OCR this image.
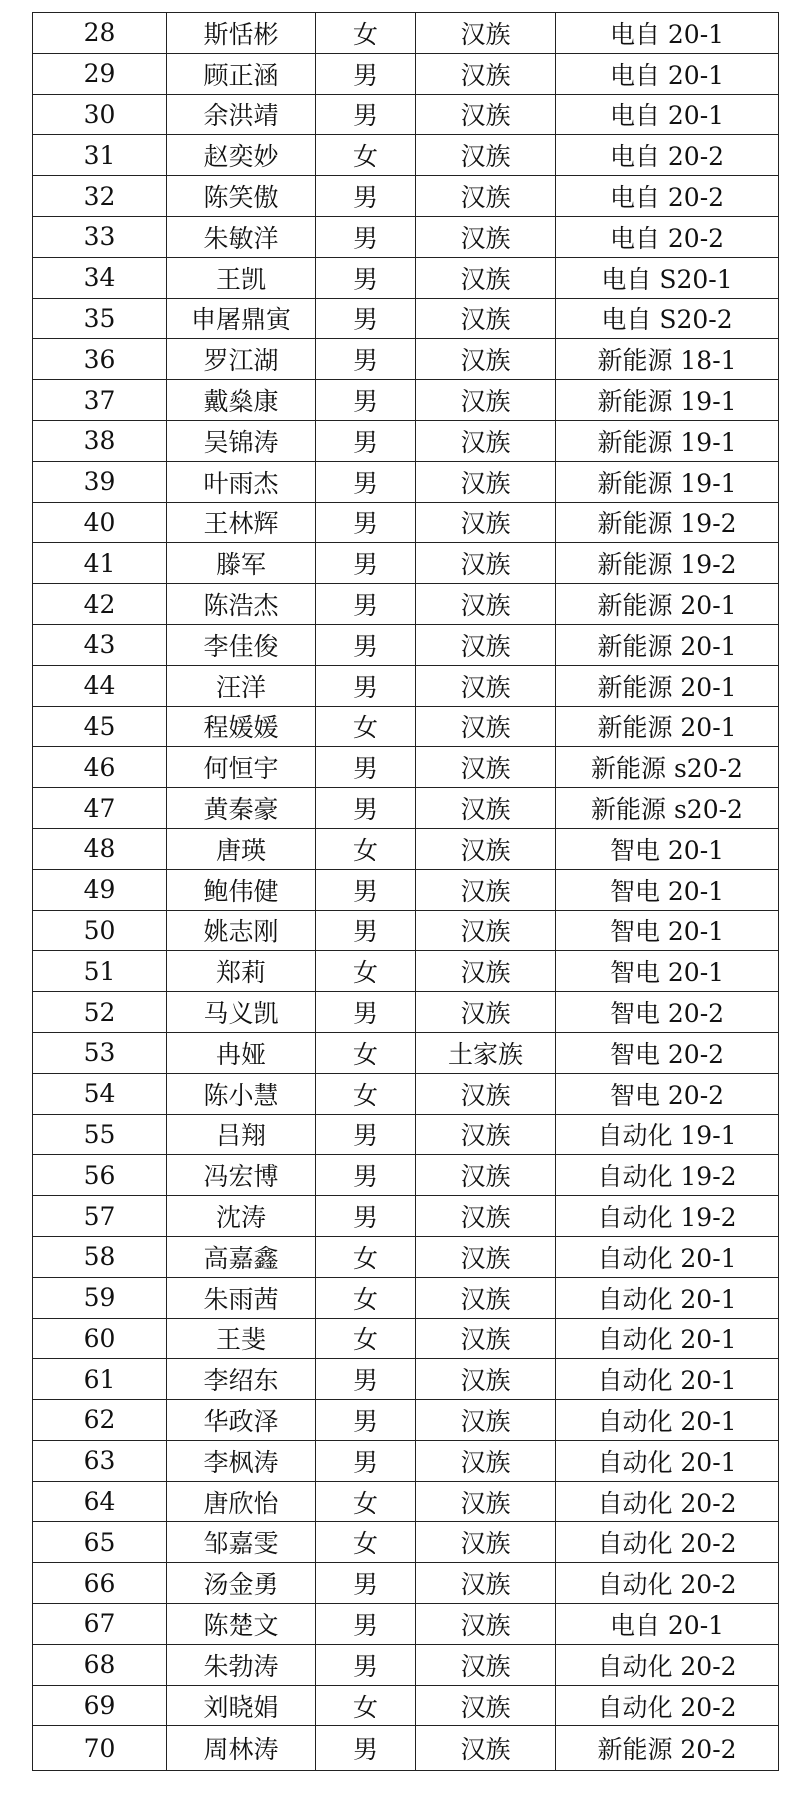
28	斯恬彬	女	汉族	电自 20-1
29	顾正涵	男	汉族	电自 20-1
30	余洪靖	男	汉族	电自 20-1
31	赵奕妙	女	汉族	电自 20-2
32	陈笑傲	男	汉族	电自 20-2
33	朱敏洋	男	汉族	电自 20-2
34	王凯	男	汉族	电自 S20-1
35	申屠鼎寅	男	汉族	电自 S20-2
36	罗江湖	男	汉族	新能源 18-1
37	戴燊康	男	汉族	新能源 19-1
38	吴锦涛	男	汉族	新能源 19-1
39	叶雨杰	男	汉族	新能源 19-1
40	王林辉	男	汉族	新能源 19-2
41	滕军	男	汉族	新能源 19-2
42	陈浩杰	男	汉族	新能源 20-1
43	李佳俊	男	汉族	新能源 20-1
44	汪洋	男	汉族	新能源 20-1
45	程媛媛	女	汉族	新能源 20-1
46	何恒宇	男	汉族	新能源 s20-2
47	黄秦豪	男	汉族	新能源 s20-2
48	唐瑛	女	汉族	智电 20-1
49	鲍伟健	男	汉族	智电 20-1
50	姚志刚	男	汉族	智电 20-1
51	郑莉	女	汉族	智电 20-1
52	马义凯	男	汉族	智电 20-2
53	冉娅	女	土家族	智电 20-2
54	陈小慧	女	汉族	智电 20-2
55	吕翔	男	汉族	自动化 19-1
56	冯宏博	男	汉族	自动化 19-2
57	沈涛	男	汉族	自动化 19-2
58	高嘉鑫	女	汉族	自动化 20-1
59	朱雨茜	女	汉族	自动化 20-1
60	王斐	女	汉族	自动化 20-1
61	李绍东	男	汉族	自动化 20-1
62	华政泽	男	汉族	自动化 20-1
63	李枫涛	男	汉族	自动化 20-1
64	唐欣怡	女	汉族	自动化 20-2
65	邹嘉雯	女	汉族	自动化 20-2
66	汤金勇	男	汉族	自动化 20-2
67	陈楚文	男	汉族	电自 20-1
68	朱勃涛	男	汉族	自动化 20-2
69	刘晓娟	女	汉族	自动化 20-2
70	周林涛	男	汉族	新能源 20-2
